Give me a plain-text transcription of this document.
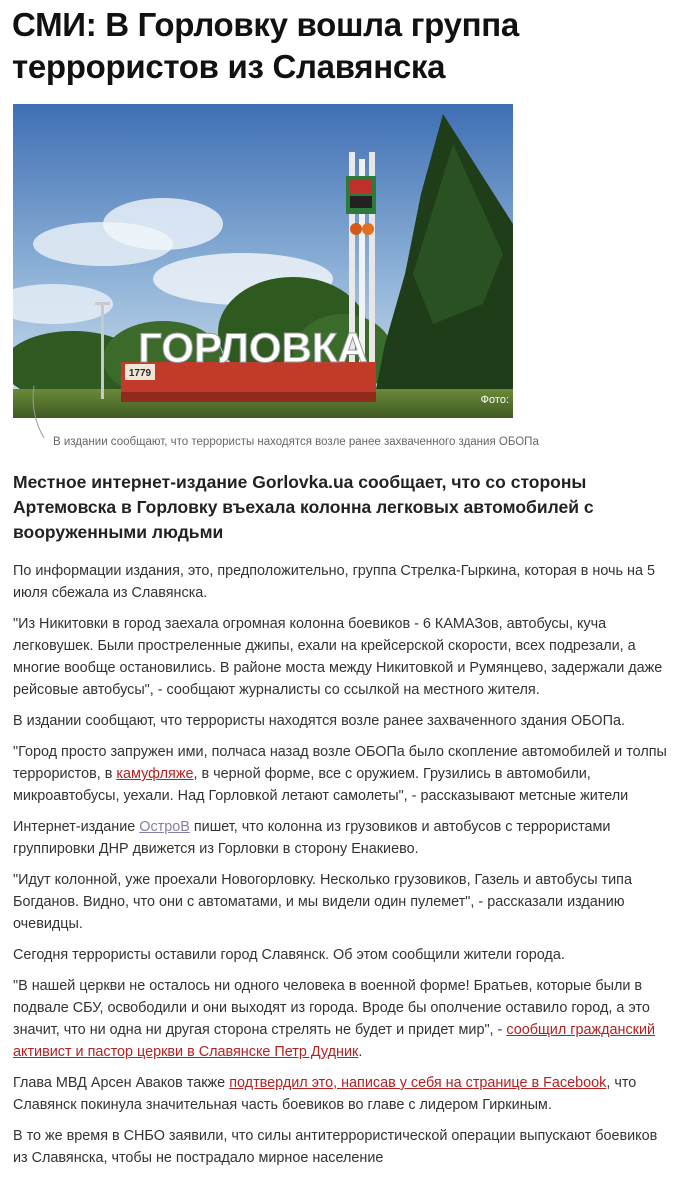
СМИ: В Горловку вошла группа террористов из Славянска
1779
ГОРЛОВКА
Фото:
В издании сообщают, что террористы находятся возле ранее захваченного здания ОБОПа

Местное интернет-издание Gorlovka.ua сообщает, что со стороны Артемовска в Горловку въехала колонна легковых автомобилей с вооруженными людьми

По информации издания, это, предположительно, группа Стрелка-Гыркина, которая в ночь на 5 июля сбежала из Славянска.

"Из Никитовки в город заехала огромная колонна боевиков - 6 КАМАЗов, автобусы, куча легковушек. Были простреленные джипы, ехали на крейсерской скорости, всех подрезали, а многие вообще остановились. В районе моста между Никитовкой и Румянцево, задержали даже рейсовые автобусы", - сообщают журналисты со ссылкой на местного жителя.

В издании сообщают, что террористы находятся возле ранее захваченного здания ОБОПа.

"Город просто запружен ими, полчаса назад возле ОБОПа было скопление автомобилей и толпы террористов, в камуфляже, в черной форме, все с оружием. Грузились в автомобили, микроавтобусы, уехали. Над Горловкой летают самолеты", - рассказывают метсные жители

Интернет-издание ОстроВ пишет, что колонна из грузовиков и автобусов с террористами группировки ДНР движется из Горловки в сторону Енакиево.

"Идут колонной, уже проехали Новогорловку. Несколько грузовиков, Газель и автобусы типа Богданов. Видно, что они с автоматами, и мы видели один пулемет", - рассказали изданию очевидцы.

Сегодня террористы оставили город Славянск. Об этом сообщили жители города.

"В нашей церкви не осталось ни одного человека в военной форме! Братьев, которые были в подвале СБУ, освободили и они выходят из города. Вроде бы ополчение оставило город, а это значит, что ни одна ни другая сторона стрелять не будет и придет мир", - сообщил гражданский активист и пастор церкви в Славянске Петр Дудник.

Глава МВД Арсен Аваков также подтвердил это, написав у себя на странице в Facebook, что Славянск покинула значительная часть боевиков во главе с лидером Гиркиным.

В то же время в СНБО заявили, что силы антитеррористической операции выпускают боевиков из Славянска, чтобы не пострадало мирное население
